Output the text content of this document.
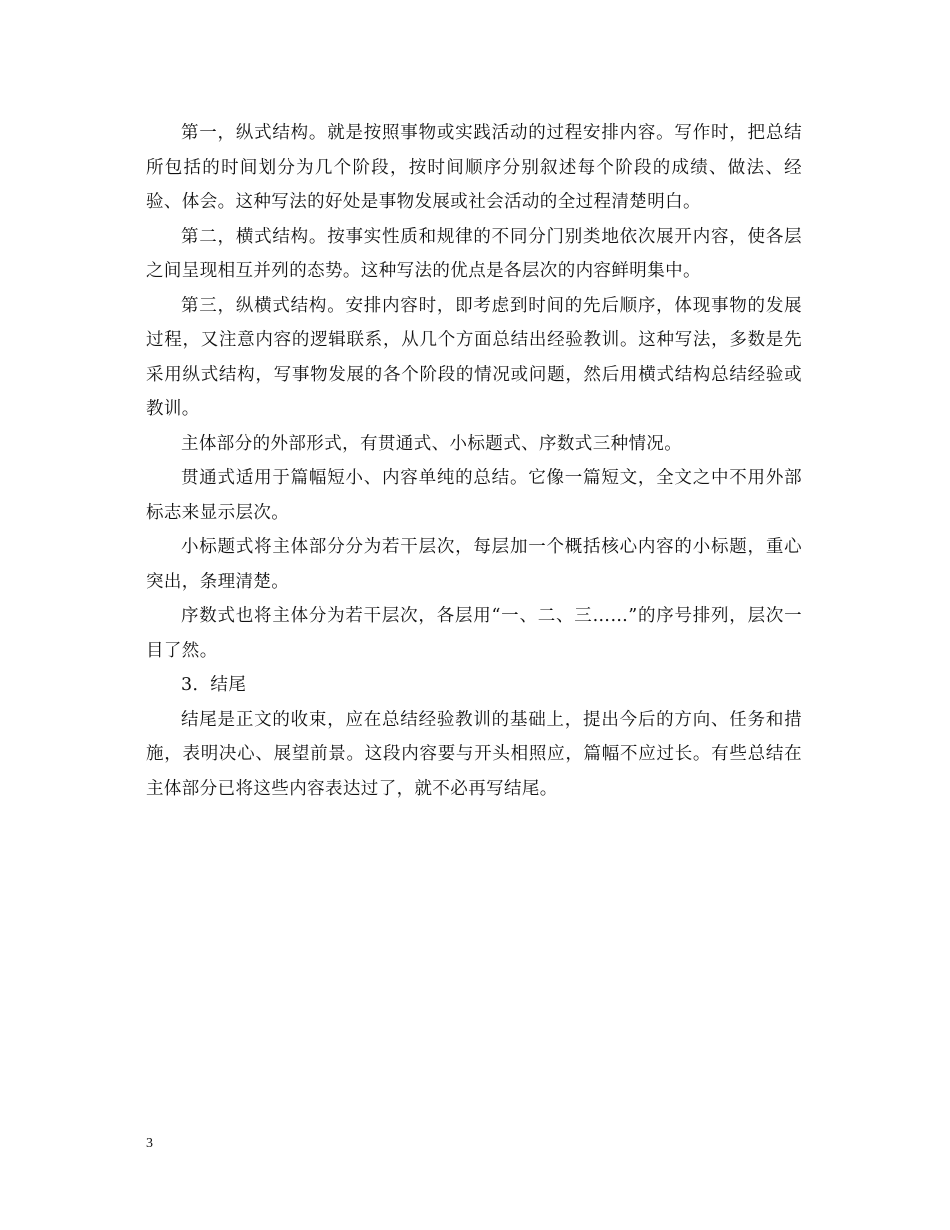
第一，纵式结构。就是按照事物或实践活动的过程安排内容。写作时，把总结所包括的时间划分为几个阶段，按时间顺序分别叙述每个阶段的成绩、做法、经验、体会。这种写法的好处是事物发展或社会活动的全过程清楚明白。

第二，横式结构。按事实性质和规律的不同分门别类地依次展开内容，使各层之间呈现相互并列的态势。这种写法的优点是各层次的内容鲜明集中。

第三，纵横式结构。安排内容时，即考虑到时间的先后顺序，体现事物的发展过程，又注意内容的逻辑联系，从几个方面总结出经验教训。这种写法，多数是先采用纵式结构，写事物发展的各个阶段的情况或问题，然后用横式结构总结经验或教训。

主体部分的外部形式，有贯通式、小标题式、序数式三种情况。

贯通式适用于篇幅短小、内容单纯的总结。它像一篇短文，全文之中不用外部标志来显示层次。

小标题式将主体部分分为若干层次，每层加一个概括核心内容的小标题，重心突出，条理清楚。

序数式也将主体分为若干层次，各层用“一、二、三……”的序号排列，层次一目了然。

3．结尾

结尾是正文的收束，应在总结经验教训的基础上，提出今后的方向、任务和措施，表明决心、展望前景。这段内容要与开头相照应，篇幅不应过长。有些总结在主体部分已将这些内容表达过了，就不必再写结尾。

3
